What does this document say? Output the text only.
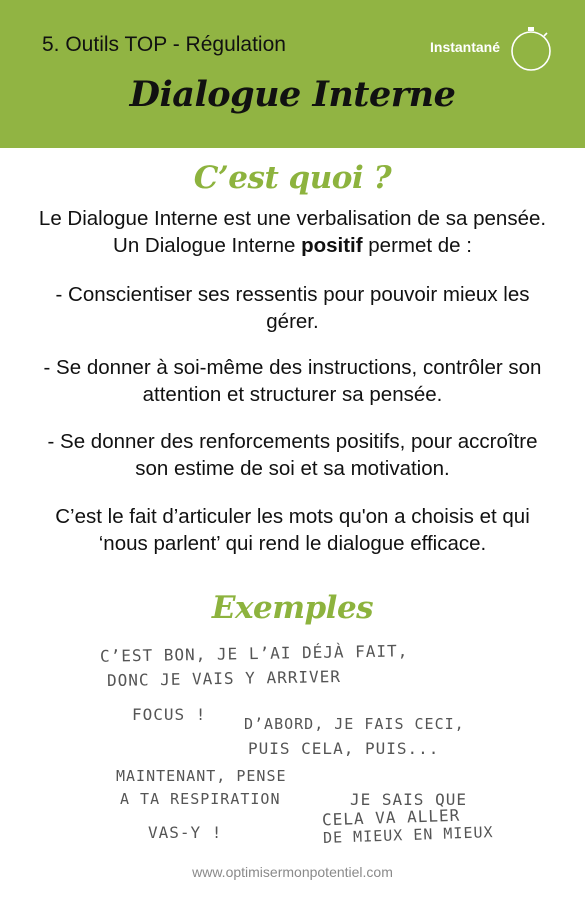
5. Outils TOP - Régulation	Instantané
Dialogue Interne
C’est quoi ?
Le Dialogue Interne est une verbalisation de sa pensée. Un Dialogue Interne positif permet de :
- Conscientiser ses ressentis pour pouvoir mieux les gérer.
- Se donner à soi-même des instructions, contrôler son attention et structurer sa pensée.
- Se donner des renforcements positifs, pour accroître son estime de soi et sa motivation.
C’est le fait d’articuler les mots qu'on a choisis et qui ‘nous parlent’ qui rend le dialogue efficace.
Exemples
C’EST BON, JE L’AI DÉJÀ FAIT,
DONC JE VAIS Y ARRIVER
FOCUS !	D’ABORD, JE FAIS CECI,
PUIS CELA, PUIS...
MAINTENANT, PENSE
A TA RESPIRATION	JE SAIS QUE
CELA VA ALLER
DE MIEUX EN MIEUX
VAS-Y !
www.optimisermonpotentiel.com
